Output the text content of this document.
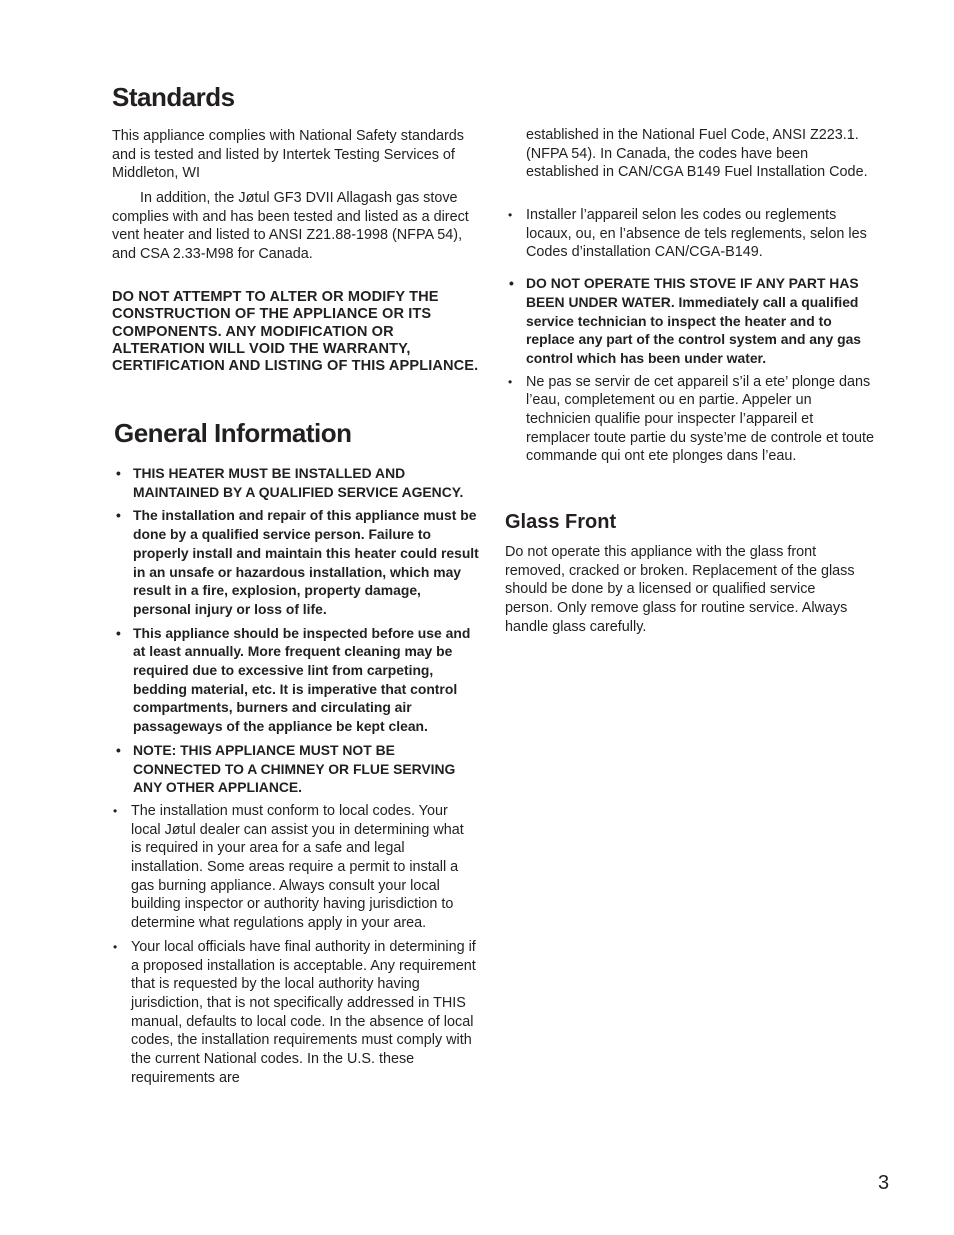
Standards

This appliance complies with National Safety standards and is tested and listed by Intertek Testing Services of Middleton, WI

In addition, the Jøtul GF3 DVII Allagash gas stove complies with and has been tested and listed as a direct vent heater and listed to ANSI Z21.88-1998 (NFPA 54), and CSA 2.33-M98 for Canada.

DO NOT ATTEMPT TO ALTER OR MODIFY THE CONSTRUCTION OF THE APPLIANCE OR ITS COMPONENTS. ANY MODIFICATION OR ALTERATION WILL VOID THE WARRANTY, CERTIFICATION AND LISTING OF THIS APPLIANCE.
General Information
• THIS HEATER MUST BE INSTALLED AND MAINTAINED BY A QUALIFIED SERVICE AGENCY.
• The installation and repair of this appliance must be done by a qualified service person. Failure to properly install and maintain this heater could result in an unsafe or hazardous installation, which may result in a fire, explosion, property damage, personal injury or loss of life.
• This appliance should be inspected before use and at least annually. More frequent cleaning may be required due to excessive lint from carpeting, bedding material, etc. It is imperative that control compartments, burners and circulating air passageways of the appliance be kept clean.
• NOTE: THIS APPLIANCE MUST NOT BE CONNECTED TO A CHIMNEY OR FLUE SERVING ANY OTHER APPLIANCE.
• The installation must conform to local codes. Your local Jøtul dealer can assist you in determining what is required in your area for a safe and legal installation. Some areas require a permit to install a gas burning appliance. Always consult your local building inspector or authority having jurisdiction to determine what regulations apply in your area.
• Your local officials have final authority in determining if a proposed installation is acceptable. Any requirement that is requested by the local authority having jurisdiction, that is not specifically addressed in THIS manual, defaults to local code. In the absence of local codes, the installation requirements must comply with the current National codes. In the U.S. these requirements are

established in the National Fuel Code, ANSI Z223.1.(NFPA 54). In Canada, the codes have been established in CAN/CGA B149 Fuel Installation Code.

• Installer l’appareil selon les codes ou reglements locaux, ou, en l’absence de tels reglements, selon les Codes d’installation CAN/CGA-B149.
• DO NOT OPERATE THIS STOVE IF ANY PART HAS BEEN UNDER WATER. Immediately call a qualified service technician to inspect the heater and to replace any part of the control system and any gas control which has been under water.
• Ne pas se servir de cet appareil s’il a ete’ plonge dans l’eau, completement ou en partie. Appeler un technicien qualifie pour inspecter l’appareil et remplacer toute partie du syste’me de controle et toute commande qui ont ete plonges dans l’eau.
Glass Front

Do not operate this appliance with the glass front removed, cracked or broken. Replacement of the glass should be done by a licensed or qualified service person. Only remove glass for routine service. Always handle glass carefully.

3
